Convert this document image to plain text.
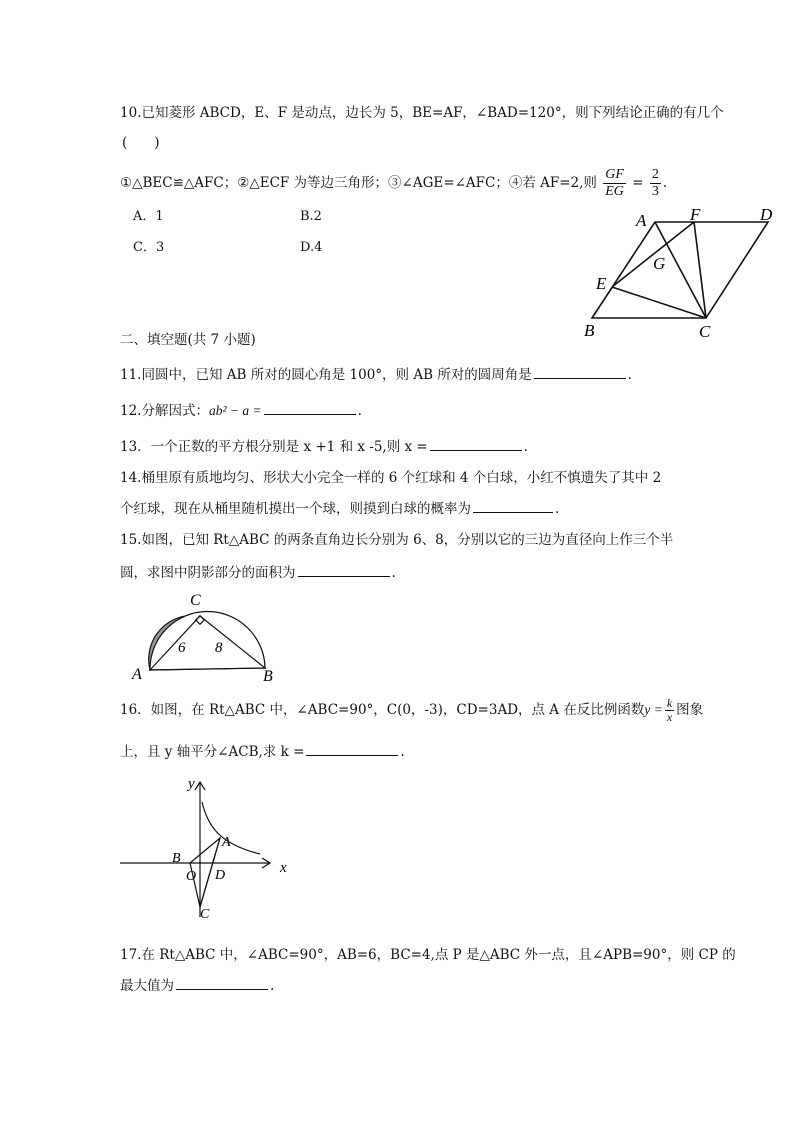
10.已知菱形 ABCD，E、F 是动点，边长为 5，BE=AF，∠BAD=120°，则下列结论正确的有几个
(　　)
①△BEC≌△AFC；②△ECF 为等边三角形；③∠AGE=∠AFC；④若 AF=2,则 $\frac{GF}{EG} = \frac{2}{3}$ .
A．1	B.2
C．3	D.4
A	F	D
G
E
B	C
二、填空题(共 7 小题)
11.同圆中，已知 AB 所对的圆心角是 100°，则 AB 所对的圆周角是	.
12.分解因式：ab² − a =	.
13．一个正数的平方根分别是 x +1 和 x -5,则 x =	.
14.桶里原有质地均匀、形状大小完全一样的 6 个红球和 4 个白球，小红不慎遗失了其中 2
个红球，现在从桶里随机摸出一个球，则摸到白球的概率为	.
15.如图，已知 Rt△ABC 的两条直角边长分别为 6、8，分别以它的三边为直径向上作三个半
圆，求图中阴影部分的面积为	.
C
A	B
6 8
16．如图，在 Rt△ABC 中，∠ABC=90°，C(0，-3)，CD=3AD，点 A 在反比例函数$y = \frac{k}{x}$ 图象
上，且 y 轴平分∠ACB,求 k =	.
y
x
A
B
O D
C
17.在 Rt△ABC 中，∠ABC=90°，AB=6，BC=4,点 P 是△ABC 外一点，且∠APB=90°，则 CP 的
最大值为	.
